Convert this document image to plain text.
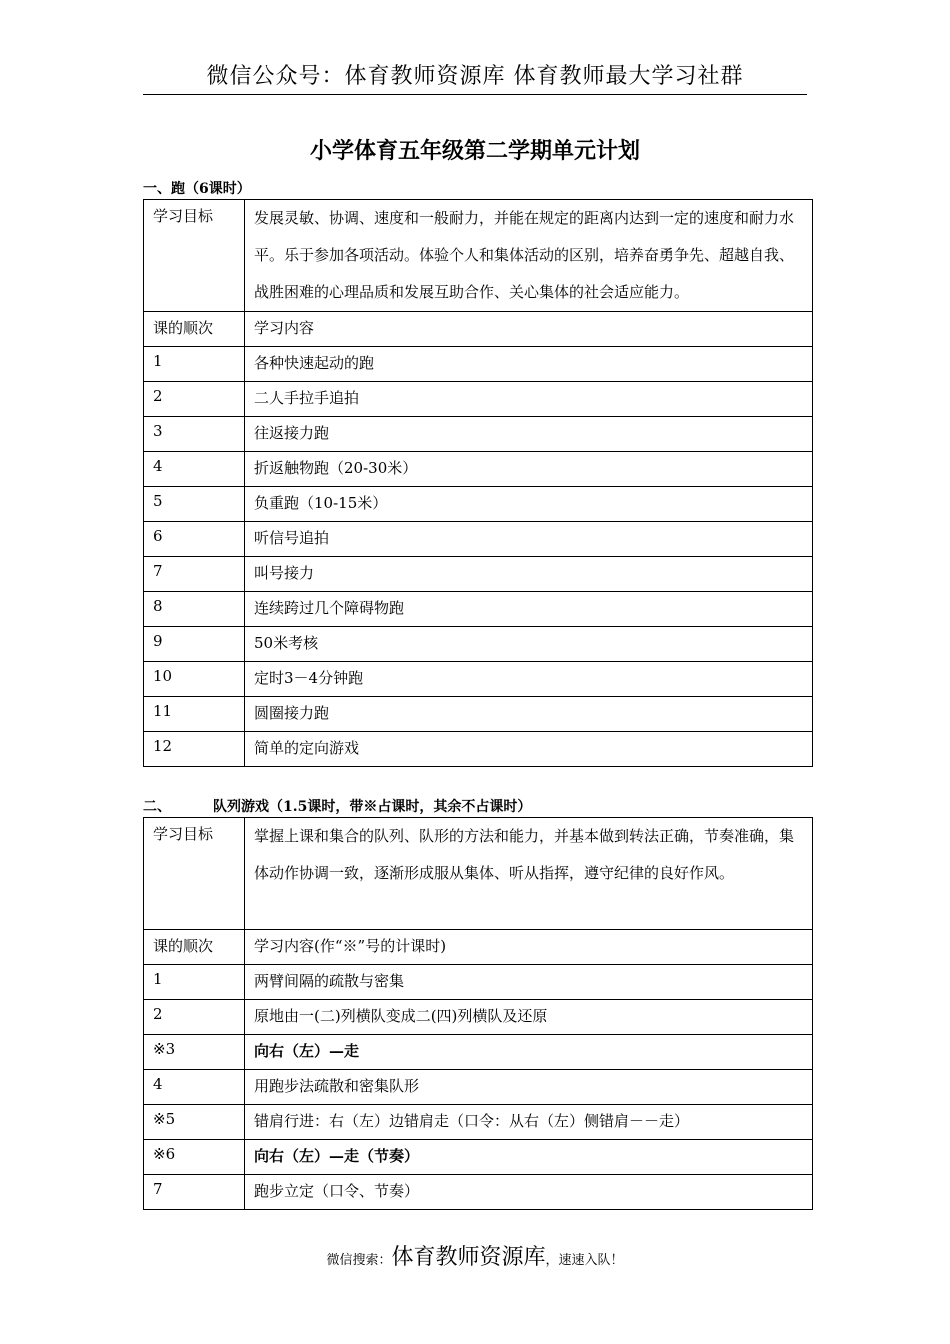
微信公众号：体育教师资源库 体育教师最大学习社群
小学体育五年级第二学期单元计划
一、跑（6课时）
学习目标	发展灵敏、协调、速度和一般耐力，并能在规定的距离内达到一定的速度和耐力水平。乐于参加各项活动。体验个人和集体活动的区别，培养奋勇争先、超越自我、战胜困难的心理品质和发展互助合作、关心集体的社会适应能力。
课的顺次	学习内容
1	各种快速起动的跑
2	二人手拉手追拍
3	往返接力跑
4	折返触物跑（20-30米）
5	负重跑（10-15米）
6	听信号追拍
7	叫号接力
8	连续跨过几个障碍物跑
9	50米考核
10	定时3－4分钟跑
11	圆圈接力跑
12	简单的定向游戏
二、	队列游戏（1.5课时，带※占课时，其余不占课时）
学习目标	掌握上课和集合的队列、队形的方法和能力，并基本做到转法正确，节奏准确，集体动作协调一致，逐渐形成服从集体、听从指挥，遵守纪律的良好作风。
课的顺次	学习内容(作“※”号的计课时)
1	两臂间隔的疏散与密集
2	原地由一(二)列横队变成二(四)列横队及还原
※3	向右（左）—走
4	用跑步法疏散和密集队形
※5	错肩行进：右（左）边错肩走（口令：从右（左）侧错肩－－走）
※6	向右（左）—走（节奏）
7	跑步立定（口令、节奏）
微信搜索：体育教师资源库，速速入队！
